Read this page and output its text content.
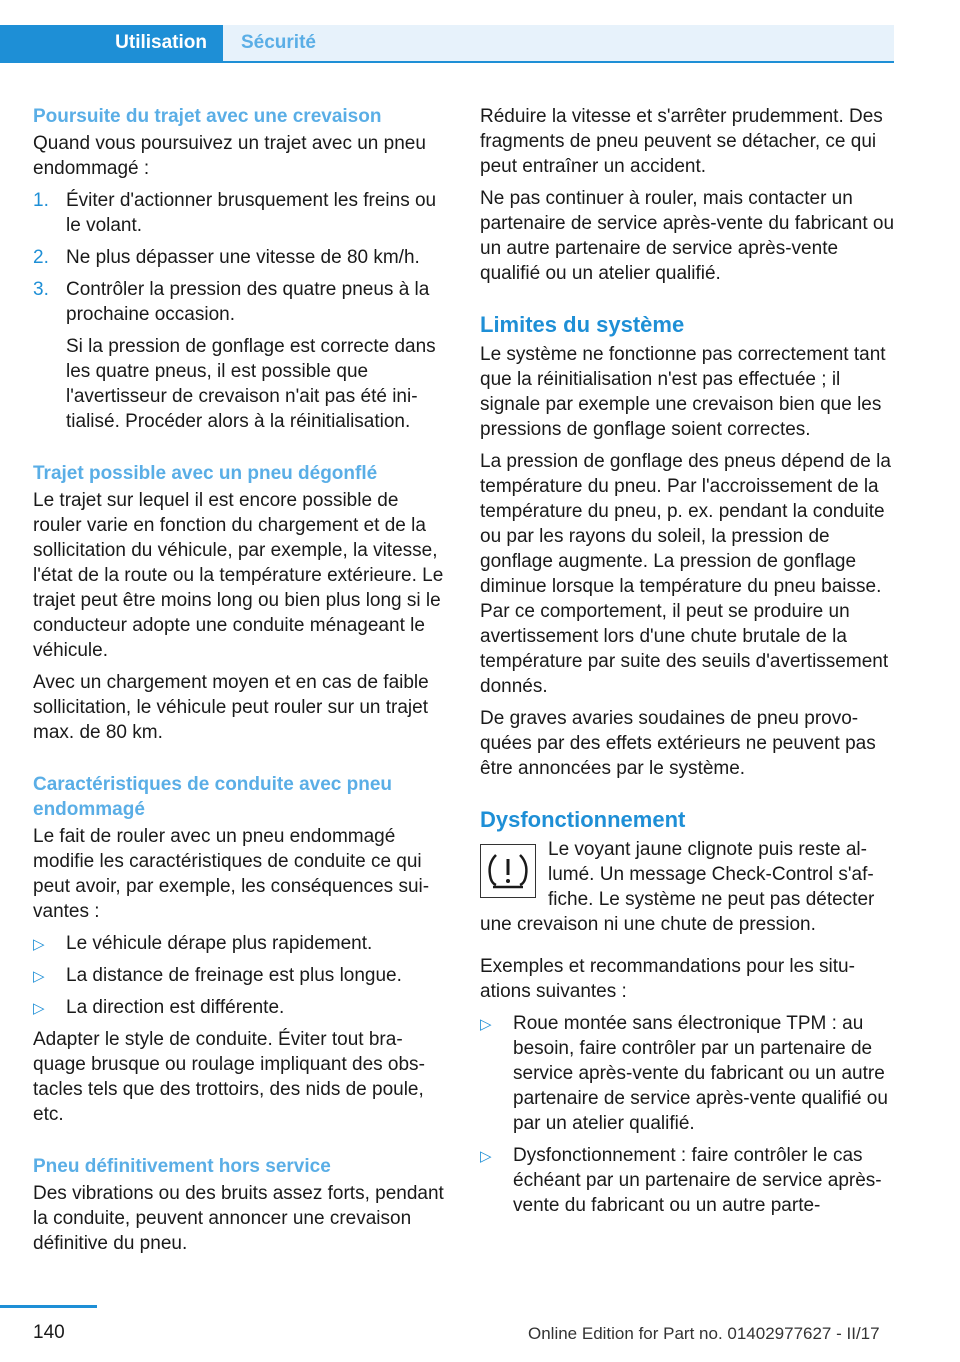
Utilisation Sécurité
Poursuite du trajet avec une crevaison

Quand vous poursuivez un trajet avec un pneu endommagé :

1. Éviter d'actionner brusquement les freins ou le volant.
2. Ne plus dépasser une vitesse de 80 km/h.
3. Contrôler la pression des quatre pneus à la prochaine occasion.
Si la pression de gonflage est correcte dans les quatre pneus, il est possible que l'avertisseur de crevaison n'ait pas été initialisé. Procéder alors à la réinitialisation.
Trajet possible avec un pneu dégonflé

Le trajet sur lequel il est encore possible de rouler varie en fonction du chargement et de la sollicitation du véhicule, par exemple, la vitesse, l'état de la route ou la température extérieure. Le trajet peut être moins long ou bien plus long si le conducteur adopte une conduite ménageant le véhicule.

Avec un chargement moyen et en cas de faible sollicitation, le véhicule peut rouler sur un trajet max. de 80 km.

Caractéristiques de conduite avec pneu endommagé

Le fait de rouler avec un pneu endommagé modifie les caractéristiques de conduite ce qui peut avoir, par exemple, les conséquences suivantes :

▷ Le véhicule dérape plus rapidement.
▷ La distance de freinage est plus longue.
▷ La direction est différente.

Adapter le style de conduite. Éviter tout braquage brusque ou roulage impliquant des obstacles tels que des trottoirs, des nids de poule, etc.

Pneu définitivement hors service

Des vibrations ou des bruits assez forts, pendant la conduite, peuvent annoncer une crevaison définitive du pneu.

Réduire la vitesse et s'arrêter prudemment. Des fragments de pneu peuvent se détacher, ce qui peut entraîner un accident.

Ne pas continuer à rouler, mais contacter un partenaire de service après-vente du fabricant ou un autre partenaire de service après-vente qualifié ou un atelier qualifié.

Limites du système

Le système ne fonctionne pas correctement tant que la réinitialisation n'est pas effectuée ; il signale par exemple une crevaison bien que les pressions de gonflage soient correctes.

La pression de gonflage des pneus dépend de la température du pneu. Par l'accroissement de la température du pneu, p. ex. pendant la conduite ou par les rayons du soleil, la pression de gonflage augmente. La pression de gonflage diminue lorsque la température du pneu baisse. Par ce comportement, il peut se produire un avertissement lors d'une chute brutale de la température par suite des seuils d'avertissement donnés.

De graves avaries soudaines de pneu provoquées par des effets extérieurs ne peuvent pas être annoncées par le système.

Dysfonctionnement
Le voyant jaune clignote puis reste allumé. Un message Check-Control s'affiche. Le système ne peut pas détecter une crevaison ni une chute de pression.

Exemples et recommandations pour les situations suivantes :

▷ Roue montée sans électronique TPM : au besoin, faire contrôler par un partenaire de service après-vente du fabricant ou un autre partenaire de service après-vente qualifié ou par un atelier qualifié.
▷ Dysfonctionnement : faire contrôler le cas échéant par un partenaire de service après-vente du fabricant ou un autre parte-
140	Online Edition for Part no. 01402977627 - II/17
